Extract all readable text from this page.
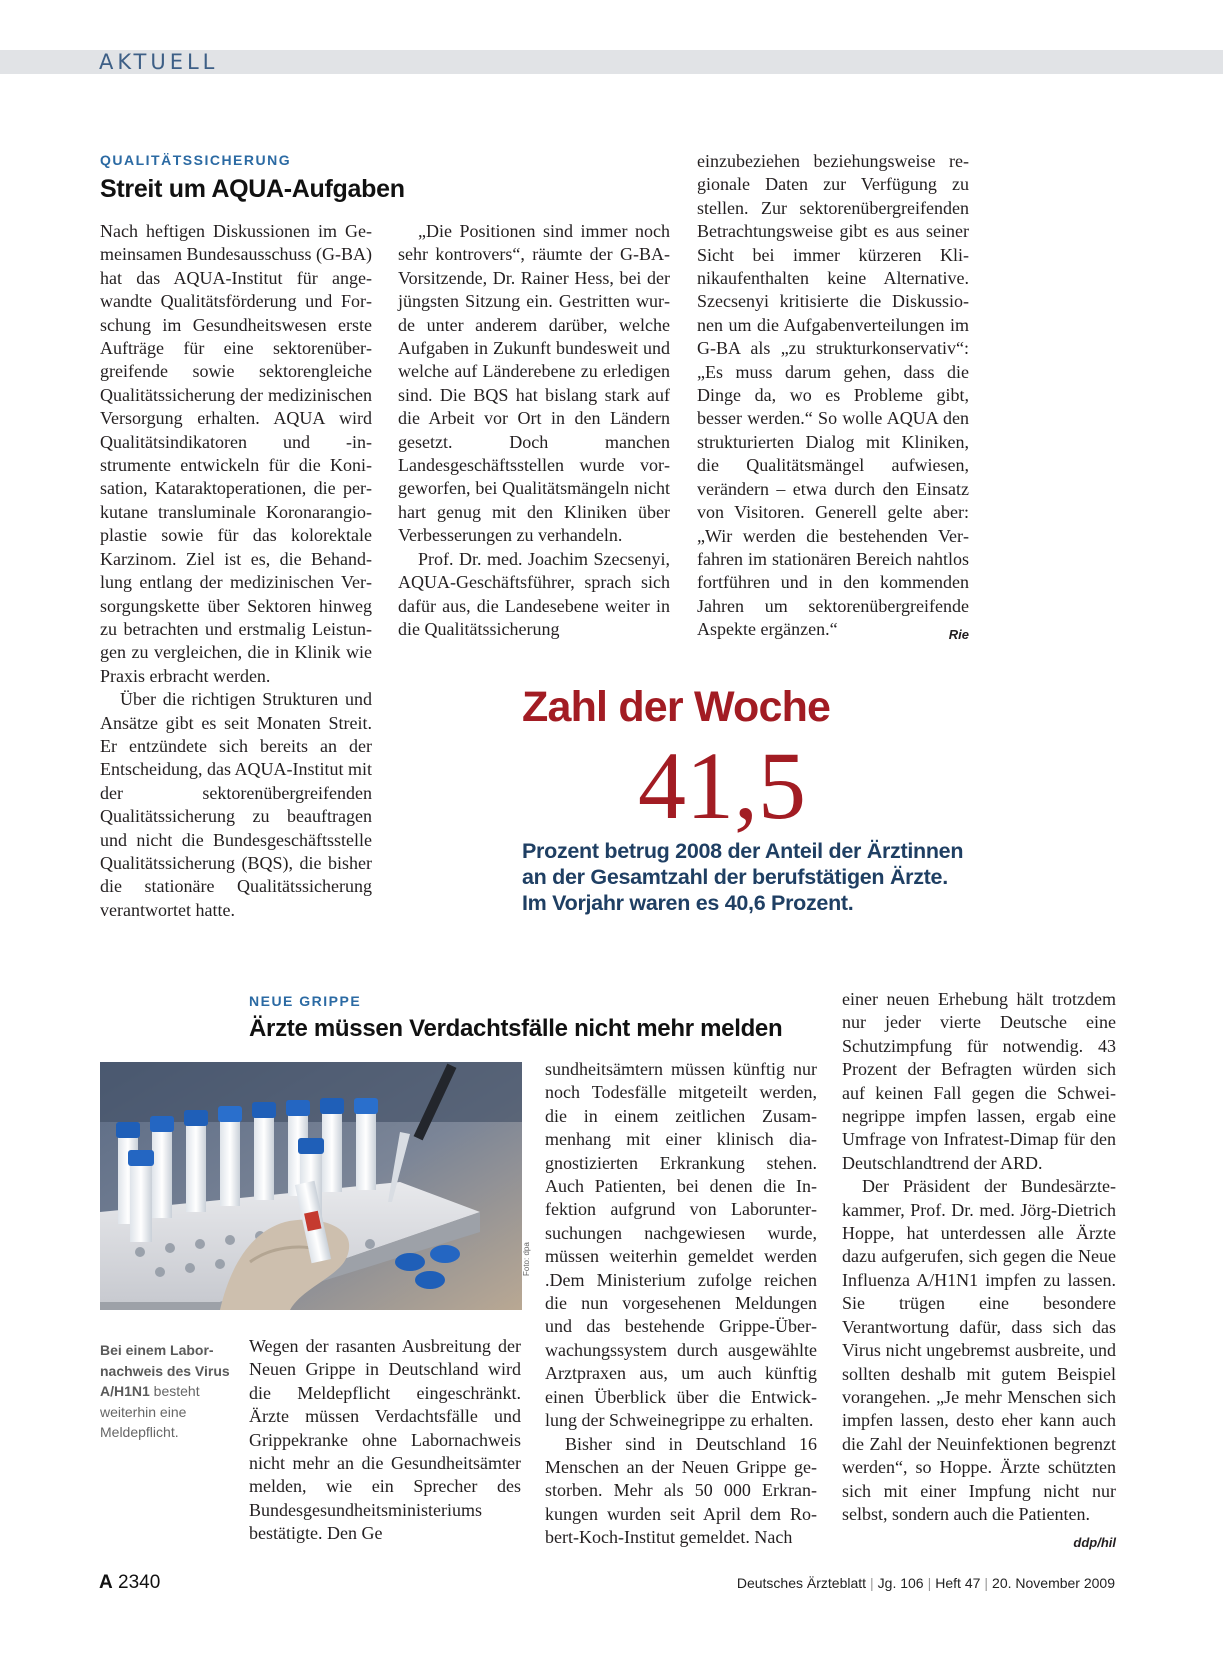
AKTUELL
QUALITÄTSSICHERUNG
Streit um AQUA-Aufgaben

Nach heftigen Diskussionen im Gemeinsamen Bundesausschuss (G-BA) hat das AQUA-Institut für angewandte Qualitätsförderung und Forschung im Gesundheitswesen erste Aufträge für eine sektorenübergreifende sowie sektorengleiche Qualitätssicherung der medizinischen Versorgung erhalten. AQUA wird Qualitätsindikatoren und -instrumente entwickeln für die Konisation, Kataraktoperationen, die perkutane transluminale Koronarangioplastie sowie für das kolorektale Karzinom. Ziel ist es, die Behandlung entlang der medizinischen Versorgungskette über Sektoren hinweg zu betrachten und erstmalig Leistungen zu vergleichen, die in Klinik wie Praxis erbracht werden.

Über die richtigen Strukturen und Ansätze gibt es seit Monaten Streit. Er entzündete sich bereits an der Entscheidung, das AQUA-Institut mit der sektorenübergreifenden Qualitätssicherung zu beauftragen und nicht die Bundesgeschäftsstelle Qualitätssicherung (BQS), die bisher die stationäre Qualitätssicherung verantwortet hatte.

„Die Positionen sind immer noch sehr kontrovers“, räumte der G-BA-Vorsitzende, Dr. Rainer Hess, bei der jüngsten Sitzung ein. Gestritten wurde unter anderem darüber, welche Aufgaben in Zukunft bundesweit und welche auf Länderebene zu erledigen sind. Die BQS hat bislang stark auf die Arbeit vor Ort in den Ländern gesetzt. Doch manchen Landesgeschäftsstellen wurde vorgeworfen, bei Qualitätsmängeln nicht hart genug mit den Kliniken über Verbesserungen zu verhandeln.

Prof. Dr. med. Joachim Szecsenyi, AQUA-Geschäftsführer, sprach sich dafür aus, die Landesebene weiter in die Qualitätssicherung

einzubeziehen beziehungsweise regionale Daten zur Verfügung zu stellen. Zur sektorenübergreifenden Betrachtungsweise gibt es aus seiner Sicht bei immer kürzeren Klinikaufenthalten keine Alternative. Szecsenyi kritisierte die Diskussionen um die Aufgabenverteilungen im G-BA als „zu strukturkonservativ“: „Es muss darum gehen, dass die Dinge da, wo es Probleme gibt, besser werden.“ So wolle AQUA den strukturierten Dialog mit Kliniken, die Qualitätsmängel aufwiesen, verändern – etwa durch den Einsatz von Visitoren. Generell gelte aber: „Wir werden die bestehenden Verfahren im stationären Bereich nahtlos fortführen und in den kommenden Jahren um sektorenübergreifende Aspekte ergänzen.“	Rie

Zahl der Woche
41,5
Prozent betrug 2008 der Anteil der Ärztinnen
an der Gesamtzahl der berufstätigen Ärzte.
Im Vorjahr waren es 40,6 Prozent.
NEUE GRIPPE
Ärzte müssen Verdachtsfälle nicht mehr melden
Foto: dpa
Bei einem Labornachweis des Virus A/H1N1 besteht weiterhin eine Meldepflicht.

Wegen der rasanten Ausbreitung der Neuen Grippe in Deutschland wird die Meldepflicht eingeschränkt. Ärzte müssen Verdachtsfälle und Grippekranke ohne Labornachweis nicht mehr an die Gesundheitsämter melden, wie ein Sprecher des Bundesgesundheitsministeriums bestätigte. Den Ge

sundheitsämtern müssen künftig nur noch Todesfälle mitgeteilt werden, die in einem zeitlichen Zusammenhang mit einer klinisch diagnostizierten Erkrankung stehen. Auch Patienten, bei denen die Infektion aufgrund von Laboruntersuchungen nachgewiesen wurde, müssen weiterhin gemeldet werden .Dem Ministerium zufolge reichen die nun vorgesehenen Meldungen und das bestehende Grippe-Überwachungssystem durch ausgewählte Arztpraxen aus, um auch künftig einen Überblick über die Entwicklung der Schweinegrippe zu erhalten.

Bisher sind in Deutschland 16 Menschen an der Neuen Grippe gestorben. Mehr als 50 000 Erkrankungen wurden seit April dem Robert-Koch-Institut gemeldet. Nach

einer neuen Erhebung hält trotzdem nur jeder vierte Deutsche eine Schutzimpfung für notwendig. 43 Prozent der Befragten würden sich auf keinen Fall gegen die Schweinegrippe impfen lassen, ergab eine Umfrage von Infratest-Dimap für den Deutschlandtrend der ARD.

Der Präsident der Bundesärztekammer, Prof. Dr. med. Jörg-Dietrich Hoppe, hat unterdessen alle Ärzte dazu aufgerufen, sich gegen die Neue Influenza A/H1N1 impfen zu lassen. Sie trügen eine besondere Verantwortung dafür, dass sich das Virus nicht ungebremst ausbreite, und sollten deshalb mit gutem Beispiel vorangehen. „Je mehr Menschen sich impfen lassen, desto eher kann auch die Zahl der Neuinfektionen begrenzt werden“, so Hoppe. Ärzte schützten sich mit einer Impfung nicht nur selbst, sondern auch die Patienten.
ddp/hil

A 2340	Deutsches Ärzteblatt | Jg. 106 | Heft 47 | 20. November 2009
